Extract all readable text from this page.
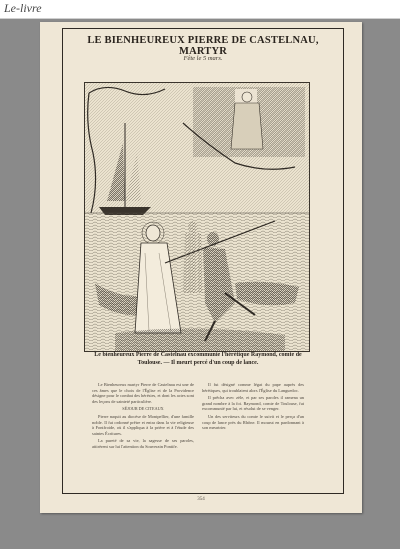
Le-livre
LE BIENHEUREUX PIERRE DE CASTELNAU, MARTYR
Fête le 5 mars.
Le bienheureux Pierre de Castelnau excommunie l'hérétique Raymond, comte de
Toulouse. — Il meurt percé d'un coup de lance.

Le Bienheureux martyr Pierre de Castelnau est une de ces âmes que le choix de l'Église et de la Providence désigne pour le combat des hérésies, et dont les actes sont des leçons de sainteté particulière.

SÉJOUR DE CITEAUX

Pierre naquit au diocèse de Montpellier, d'une famille noble. Il fut ordonné prêtre et entra dans la vie religieuse à Fontfroide, où il s'appliqua à la prière et à l'étude des saintes Écritures.

La pureté de sa vie, la sagesse de ses paroles, attirèrent sur lui l'attention du Souverain Pontife.

Il fut désigné comme légat du pape auprès des hérétiques, qui troublaient alors l'Église du Languedoc.

Il prêcha avec zèle, et par ses paroles il ramena un grand nombre à la foi. Raymond, comte de Toulouse, fut excommunié par lui, et résolut de se venger.

Un des serviteurs du comte le suivit et le perça d'un coup de lance près du Rhône. Il mourut en pardonnant à son meurtrier.

354
